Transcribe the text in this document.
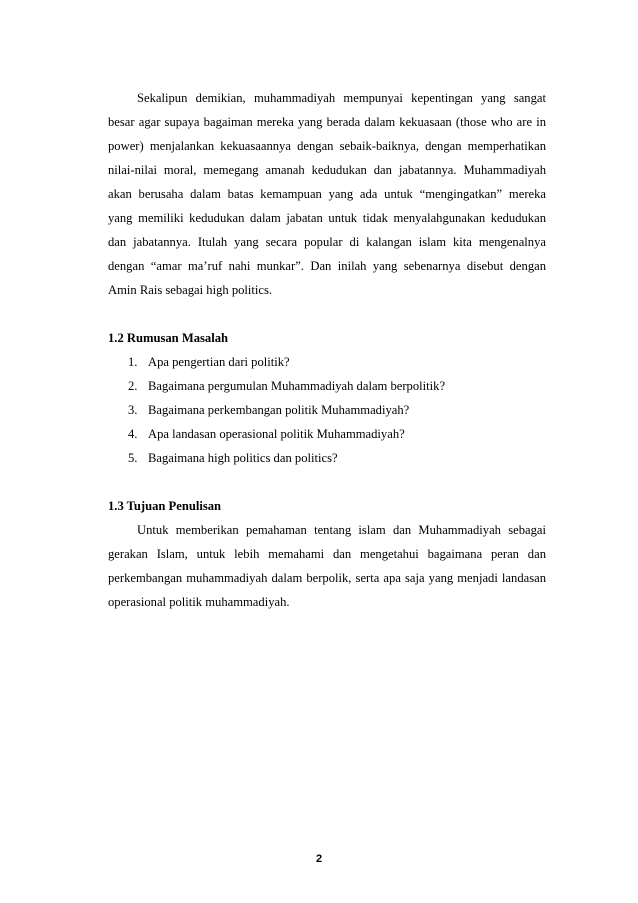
Sekalipun demikian, muhammadiyah mempunyai kepentingan yang sangat
besar agar supaya bagaiman mereka yang berada dalam kekuasaan (those who are in
power) menjalankan kekuasaannya dengan sebaik-baiknya, dengan memperhatikan
nilai-nilai moral, memegang amanah kedudukan dan jabatannya. Muhammadiyah
akan berusaha dalam batas kemampuan yang ada untuk “mengingatkan” mereka
yang memiliki kedudukan dalam jabatan untuk tidak menyalahgunakan kedudukan
dan jabatannya. Itulah yang secara popular di kalangan islam kita mengenalnya
dengan “amar ma’ruf nahi munkar”. Dan inilah yang sebenarnya disebut dengan
Amin Rais sebagai high politics.
1.2 Rumusan Masalah
1. Apa pengertian dari politik?
2. Bagaimana pergumulan Muhammadiyah dalam berpolitik?
3. Bagaimana perkembangan politik Muhammadiyah?
4. Apa landasan operasional politik Muhammadiyah?
5. Bagaimana high politics dan politics?
1.3 Tujuan Penulisan
Untuk memberikan pemahaman tentang islam dan Muhammadiyah sebagai
gerakan Islam, untuk lebih memahami dan mengetahui bagaimana peran dan
perkembangan muhammadiyah dalam berpolik, serta apa saja yang menjadi landasan
operasional politik muhammadiyah.
2
